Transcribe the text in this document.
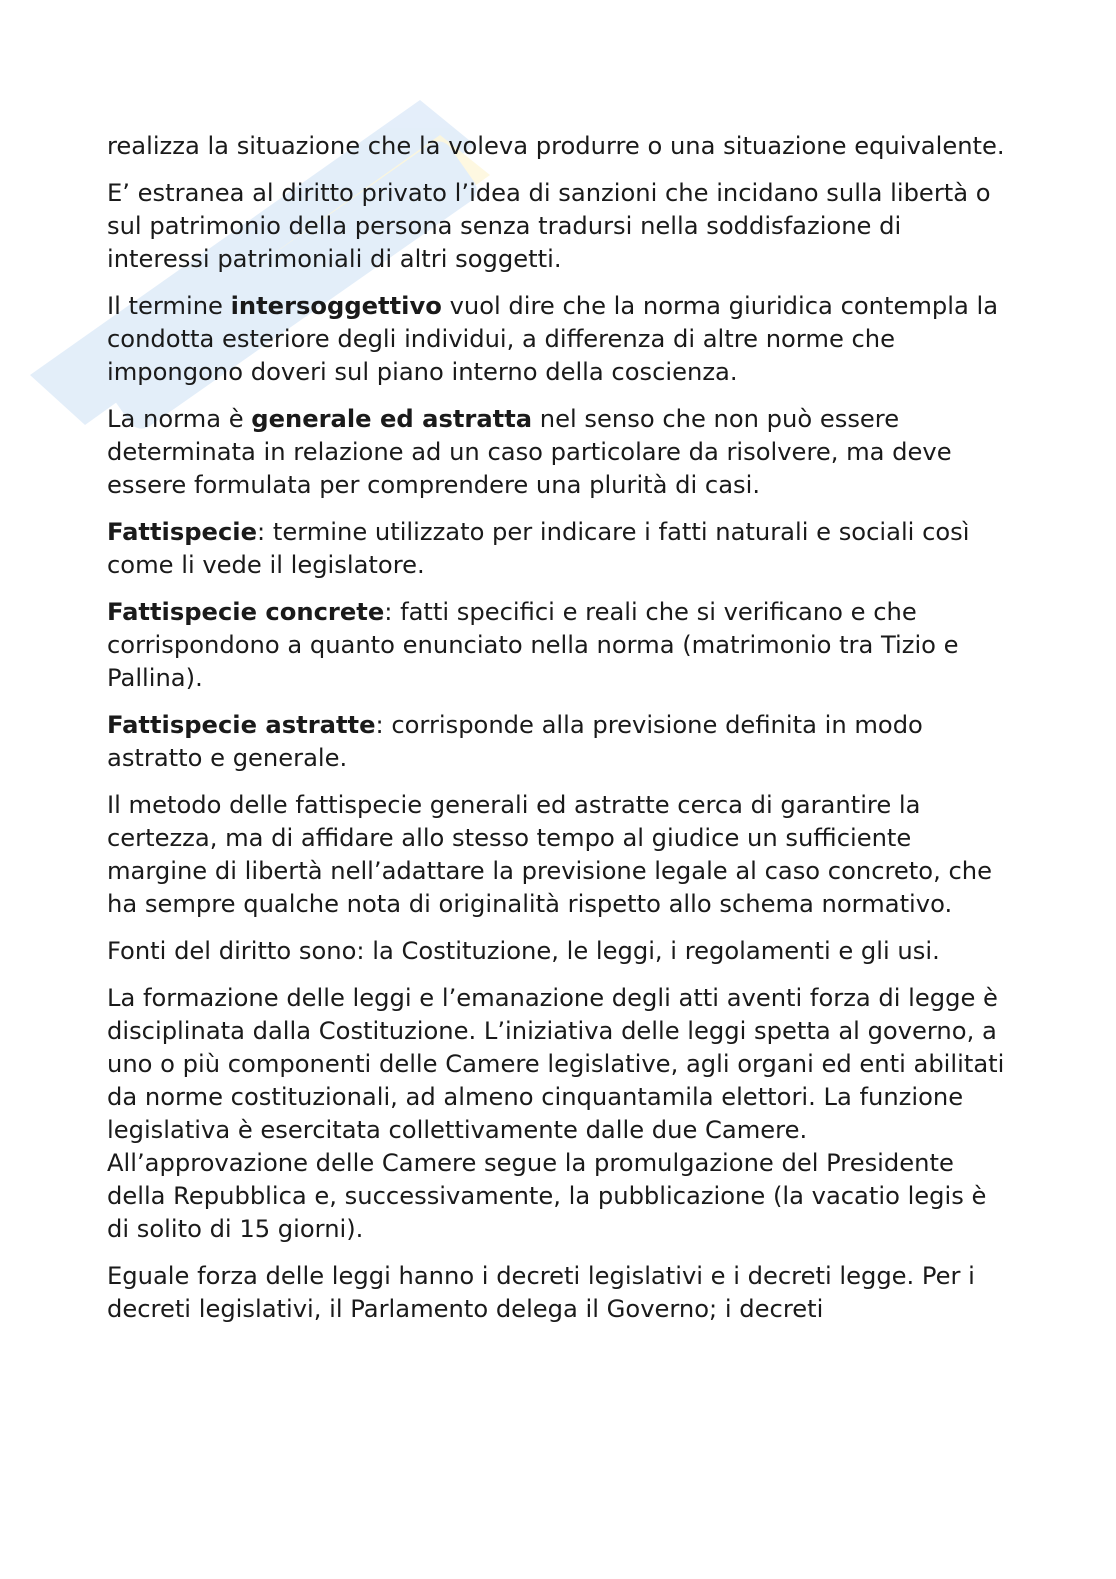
realizza la situazione che la voleva produrre o una situazione equivalente.

E’ estranea al diritto privato l’idea di sanzioni che incidano sulla libertà o sul patrimonio della persona senza tradursi nella soddisfazione di interessi patrimoniali di altri soggetti.

Il termine intersoggettivo vuol dire che la norma giuridica contempla la condotta esteriore degli individui, a differenza di altre norme che impongono doveri sul piano interno della coscienza.

La norma è generale ed astratta nel senso che non può essere determinata in relazione ad un caso particolare da risolvere, ma deve essere formulata per comprendere una plurità di casi.

Fattispecie: termine utilizzato per indicare i fatti naturali e sociali così come li vede il legislatore.

Fattispecie concrete: fatti specifici e reali che si verificano e che corrispondono a quanto enunciato nella norma (matrimonio tra Tizio e Pallina).

Fattispecie astratte: corrisponde alla previsione definita in modo astratto e generale.

Il metodo delle fattispecie generali ed astratte cerca di garantire la certezza, ma di affidare allo stesso tempo al giudice un sufficiente margine di libertà nell’adattare la previsione legale al caso concreto, che ha sempre qualche nota di originalità rispetto allo schema normativo.

Fonti del diritto sono: la Costituzione, le leggi, i regolamenti e gli usi.

La formazione delle leggi e l’emanazione degli atti aventi forza di legge è disciplinata dalla Costituzione. L’iniziativa delle leggi spetta al governo, a uno o più componenti delle Camere legislative, agli organi ed enti abilitati da norme costituzionali, ad almeno cinquantamila elettori. La funzione legislativa è esercitata collettivamente dalle due Camere. All’approvazione delle Camere segue la promulgazione del Presidente della Repubblica e, successivamente, la pubblicazione (la vacatio legis è di solito di 15 giorni).

Eguale forza delle leggi hanno i decreti legislativi e i decreti legge. Per i decreti legislativi, il Parlamento delega il Governo; i decreti
